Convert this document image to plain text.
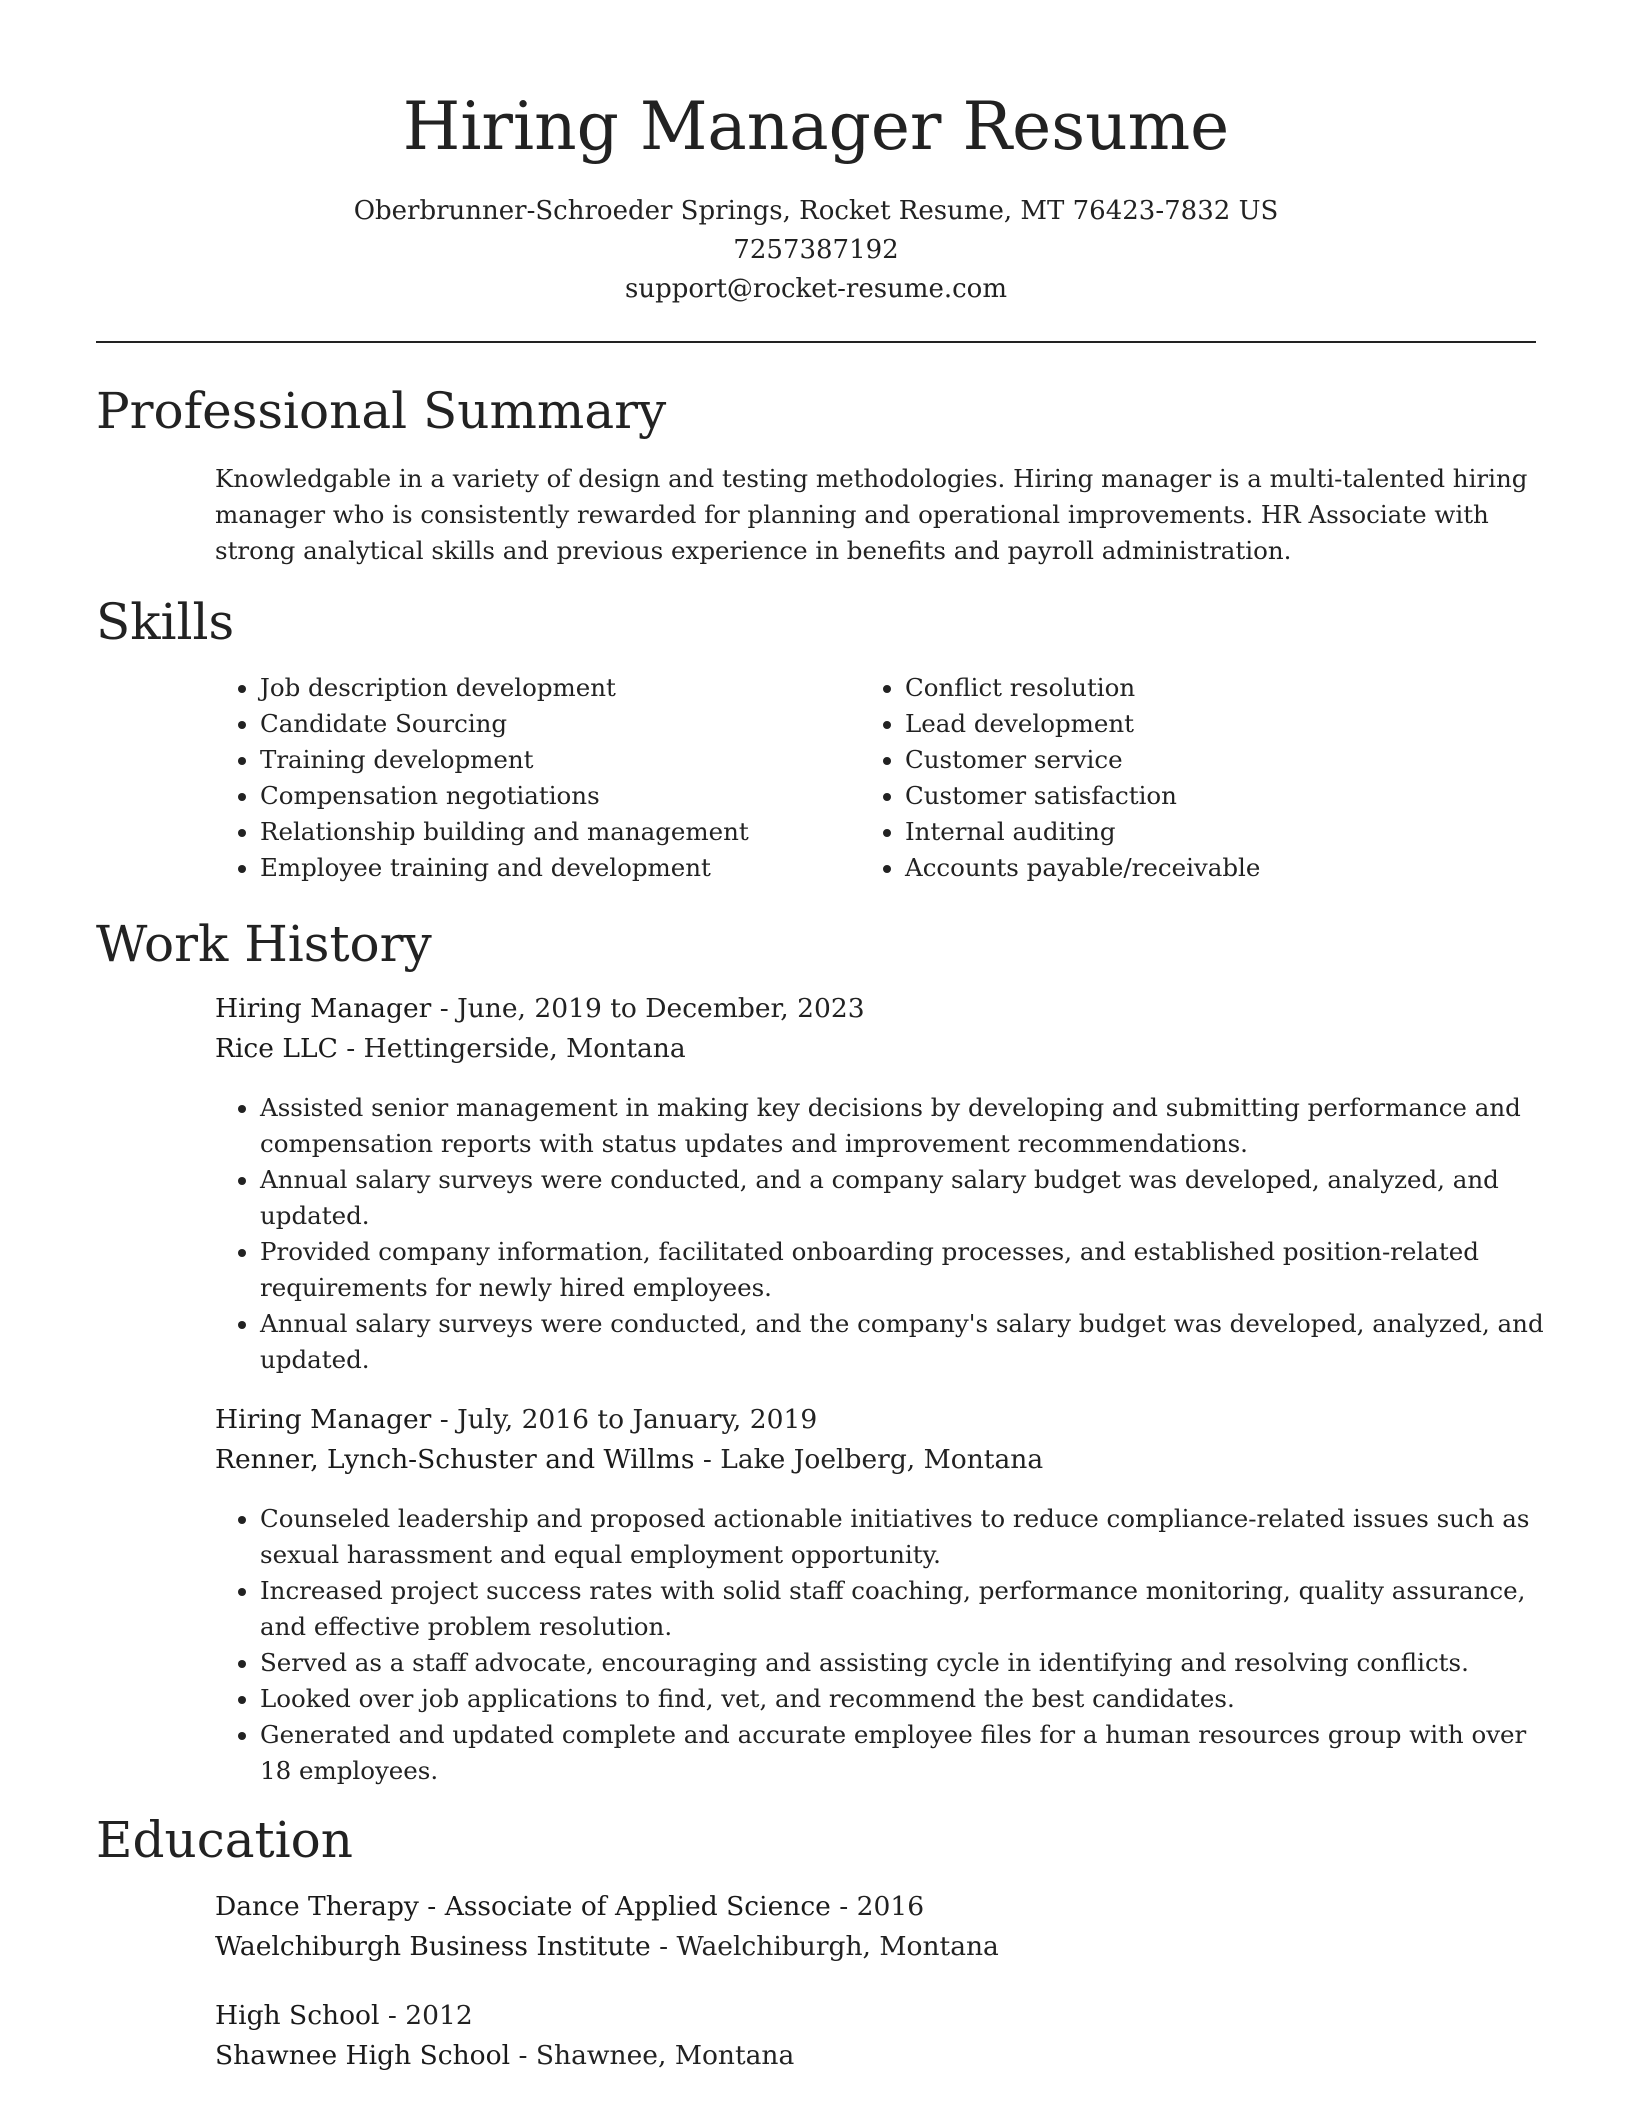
Hiring Manager Resume
Oberbrunner-Schroeder Springs, Rocket Resume, MT 76423-7832 US
7257387192
support@rocket-resume.com
Professional Summary

Knowledgable in a variety of design and testing methodologies. Hiring manager is a multi-talented hiring manager who is consistently rewarded for planning and operational improvements. HR Associate with strong analytical skills and previous experience in benefits and payroll administration.

Skills
• Job description development
• Candidate Sourcing
• Training development
• Compensation negotiations
• Relationship building and management
• Employee training and development
• Conflict resolution
• Lead development
• Customer service
• Customer satisfaction
• Internal auditing
• Accounts payable/receivable
Work History
Hiring Manager - June, 2019 to December, 2023
Rice LLC - Hettingerside, Montana
• Assisted senior management in making key decisions by developing and submitting performance and compensation reports with status updates and improvement recommendations.
• Annual salary surveys were conducted, and a company salary budget was developed, analyzed, and updated.
• Provided company information, facilitated onboarding processes, and established position-related requirements for newly hired employees.
• Annual salary surveys were conducted, and the company's salary budget was developed, analyzed, and updated.
Hiring Manager - July, 2016 to January, 2019
Renner, Lynch-Schuster and Willms - Lake Joelberg, Montana
• Counseled leadership and proposed actionable initiatives to reduce compliance-related issues such as sexual harassment and equal employment opportunity.
• Increased project success rates with solid staff coaching, performance monitoring, quality assurance, and effective problem resolution.
• Served as a staff advocate, encouraging and assisting cycle in identifying and resolving conflicts.
• Looked over job applications to find, vet, and recommend the best candidates.
• Generated and updated complete and accurate employee files for a human resources group with over 18 employees.
Education
Dance Therapy - Associate of Applied Science - 2016
Waelchiburgh Business Institute - Waelchiburgh, Montana
High School - 2012
Shawnee High School - Shawnee, Montana
